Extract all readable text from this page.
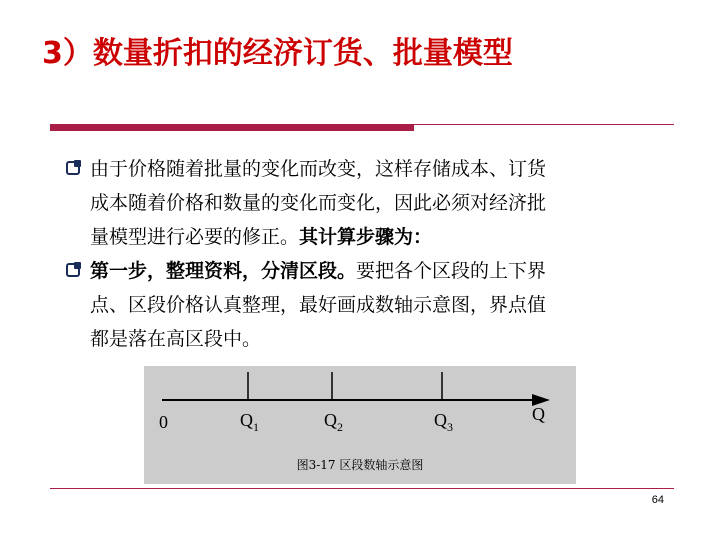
3）数量折扣的经济订货、批量模型
由于价格随着批量的变化而改变，这样存储成本、订货
成本随着价格和数量的变化而变化，因此必须对经济批
量模型进行必要的修正。其计算步骤为：
第一步，整理资料，分清区段。要把各个区段的上下界
点、区段价格认真整理，最好画成数轴示意图，界点值
都是落在高区段中。
0	$Q_1$	$Q_2$	$Q_3$
Q
图3-17 区段数轴示意图
64
